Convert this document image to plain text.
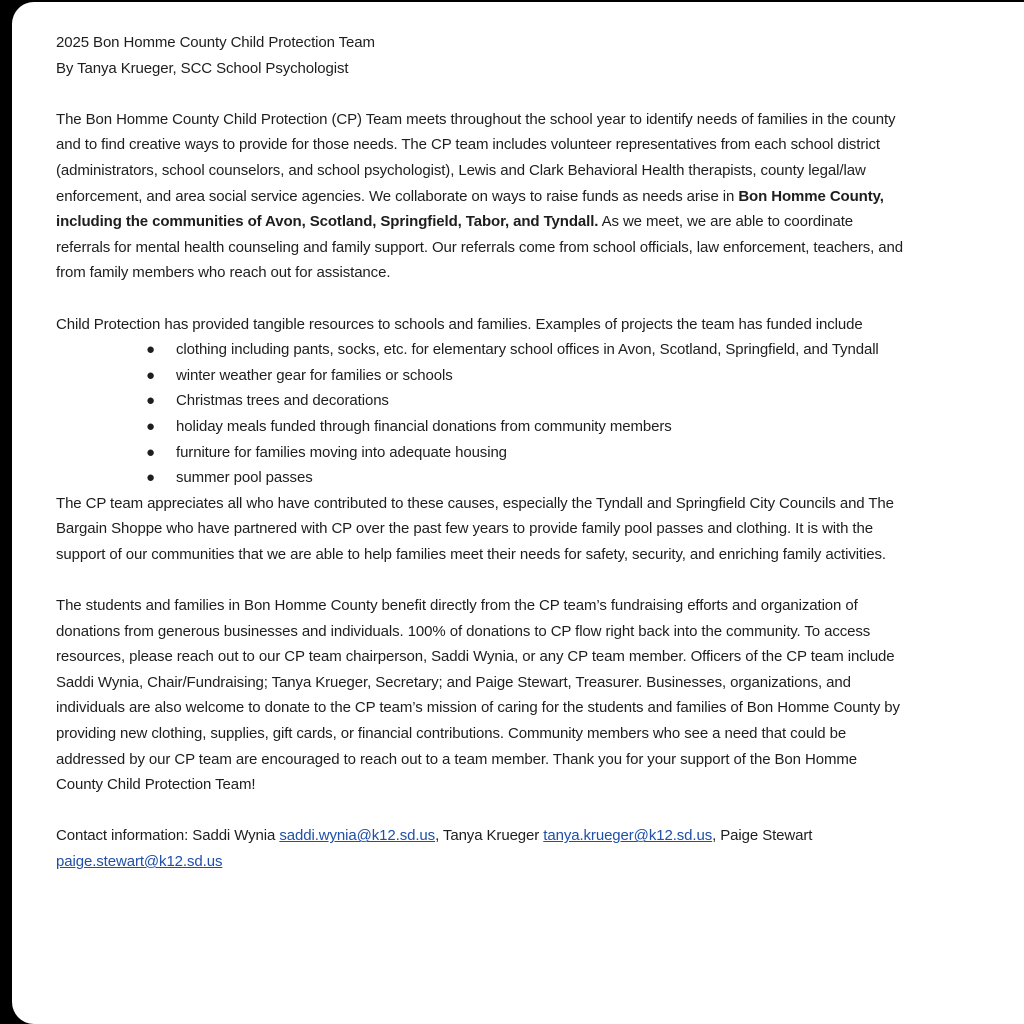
2025 Bon Homme County Child Protection Team

By Tanya Krueger, SCC School Psychologist

The Bon Homme County Child Protection (CP) Team meets throughout the school year to identify needs of families in the county and to find creative ways to provide for those needs. The CP team includes volunteer representatives from each school district (administrators, school counselors, and school psychologist), Lewis and Clark Behavioral Health therapists, county legal/law enforcement, and area social service agencies. We collaborate on ways to raise funds as needs arise in Bon Homme County, including the communities of Avon, Scotland, Springfield, Tabor, and Tyndall. As we meet, we are able to coordinate referrals for mental health counseling and family support. Our referrals come from school officials, law enforcement, teachers, and from family members who reach out for assistance.

Child Protection has provided tangible resources to schools and families. Examples of projects the team has funded include

● clothing including pants, socks, etc. for elementary school offices in Avon, Scotland, Springfield, and Tyndall
● winter weather gear for families or schools
● Christmas trees and decorations
● holiday meals funded through financial donations from community members
● furniture for families moving into adequate housing
● summer pool passes

The CP team appreciates all who have contributed to these causes, especially the Tyndall and Springfield City Councils and The Bargain Shoppe who have partnered with CP over the past few years to provide family pool passes and clothing. It is with the support of our communities that we are able to help families meet their needs for safety, security, and enriching family activities.

The students and families in Bon Homme County benefit directly from the CP team’s fundraising efforts and organization of donations from generous businesses and individuals. 100% of donations to CP flow right back into the community. To access resources, please reach out to our CP team chairperson, Saddi Wynia, or any CP team member. Officers of the CP team include Saddi Wynia, Chair/Fundraising; Tanya Krueger, Secretary; and Paige Stewart, Treasurer. Businesses, organizations, and individuals are also welcome to donate to the CP team’s mission of caring for the students and families of Bon Homme County by providing new clothing, supplies, gift cards, or financial contributions. Community members who see a need that could be addressed by our CP team are encouraged to reach out to a team member. Thank you for your support of the Bon Homme County Child Protection Team!

Contact information: Saddi Wynia saddi.wynia@k12.sd.us, Tanya Krueger tanya.krueger@k12.sd.us, Paige Stewart paige.stewart@k12.sd.us
